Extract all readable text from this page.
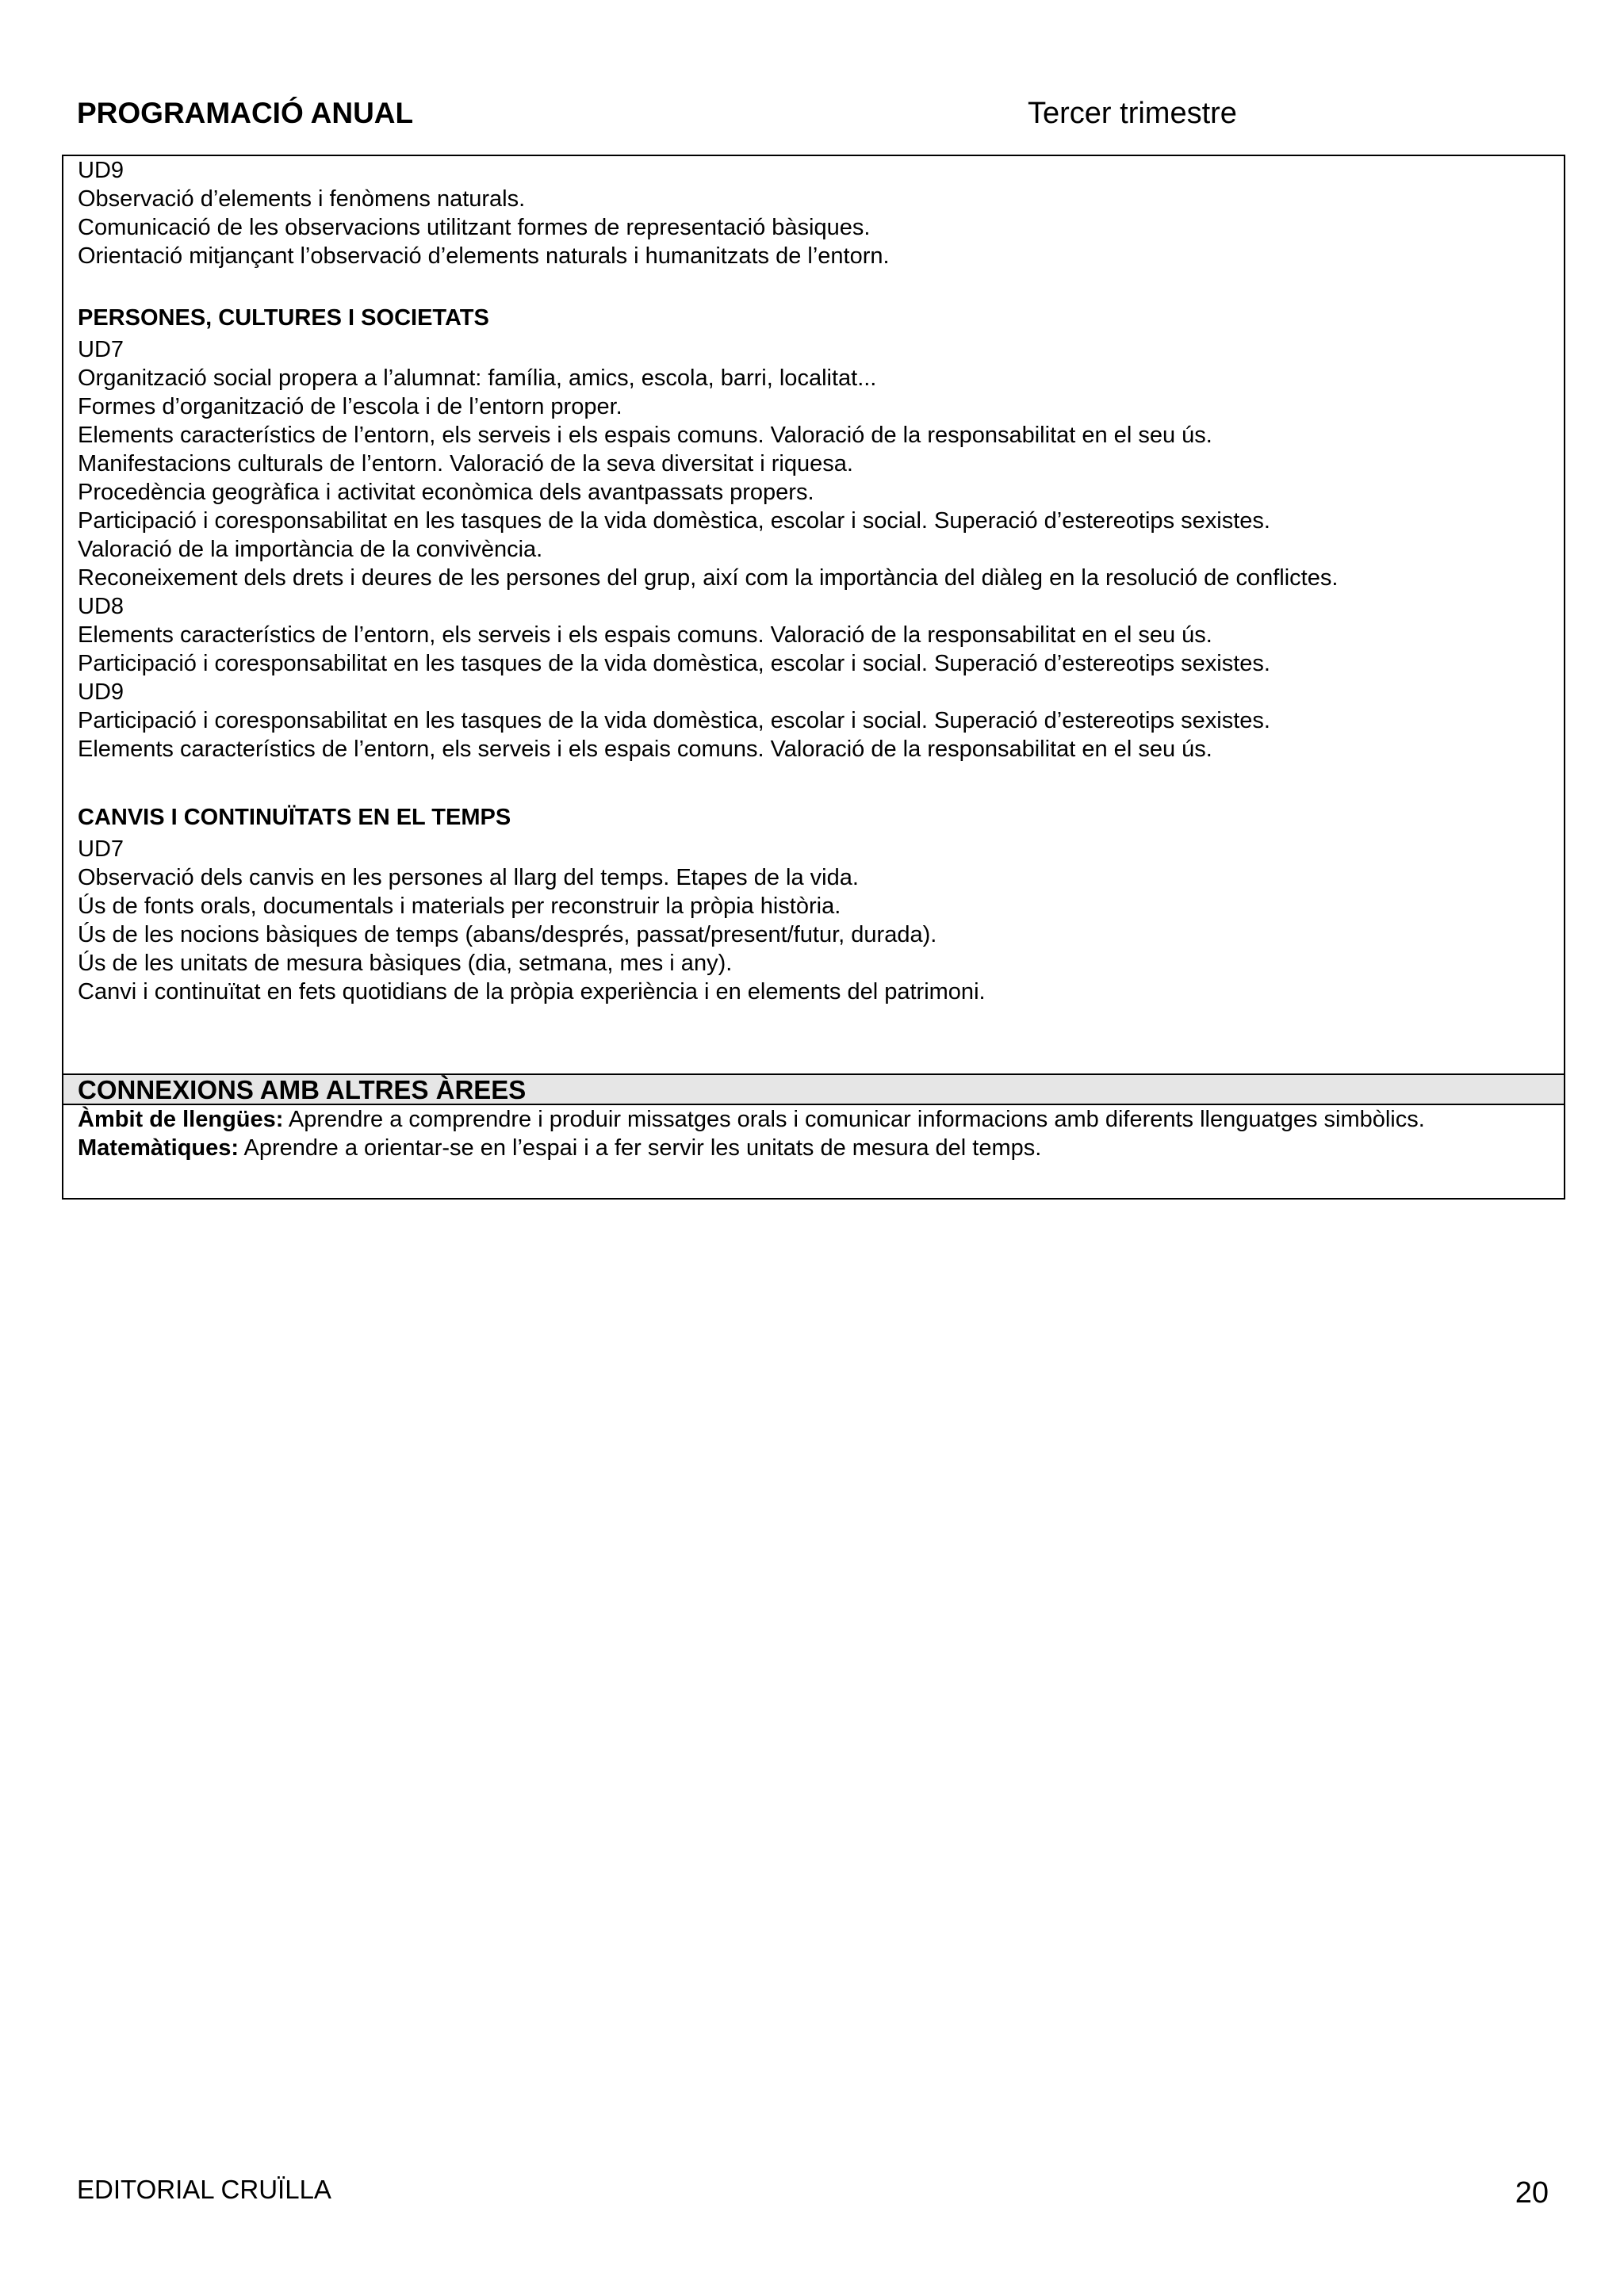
PROGRAMACIÓ ANUAL	Tercer trimestre
UD9
Observació d’elements i fenòmens naturals.
Comunicació de les observacions utilitzant formes de representació bàsiques.
Orientació mitjançant l’observació d’elements naturals i humanitzats de l’entorn.
PERSONES, CULTURES I SOCIETATS
UD7
Organització social propera a l’alumnat: família, amics, escola, barri, localitat...
Formes d’organització de l’escola i de l’entorn proper.
Elements característics de l’entorn, els serveis i els espais comuns. Valoració de la responsabilitat en el seu ús.
Manifestacions culturals de l’entorn. Valoració de la seva diversitat i riquesa.
Procedència geogràfica i activitat econòmica dels avantpassats propers.
Participació i coresponsabilitat en les tasques de la vida domèstica, escolar i social. Superació d’estereotips sexistes.
Valoració de la importància de la convivència.
Reconeixement dels drets i deures de les persones del grup, així com la importància del diàleg en la resolució de conflictes.
UD8
Elements característics de l’entorn, els serveis i els espais comuns. Valoració de la responsabilitat en el seu ús.
Participació i coresponsabilitat en les tasques de la vida domèstica, escolar i social. Superació d’estereotips sexistes.
UD9
Participació i coresponsabilitat en les tasques de la vida domèstica, escolar i social. Superació d’estereotips sexistes.
Elements característics de l’entorn, els serveis i els espais comuns. Valoració de la responsabilitat en el seu ús.
CANVIS I CONTINUÏTATS EN EL TEMPS
UD7
Observació dels canvis en les persones al llarg del temps. Etapes de la vida.
Ús de fonts orals, documentals i materials per reconstruir la pròpia història.
Ús de les nocions bàsiques de temps (abans/després, passat/present/futur, durada).
Ús de les unitats de mesura bàsiques (dia, setmana, mes i any).
Canvi i continuïtat en fets quotidians de la pròpia experiència i en elements del patrimoni.
CONNEXIONS AMB ALTRES ÀREES
Àmbit de llengües: Aprendre a comprendre i produir missatges orals i comunicar informacions amb diferents llenguatges simbòlics.
Matemàtiques: Aprendre a orientar-se en l’espai i a fer servir les unitats de mesura del temps.
EDITORIAL CRUÏLLA	20
